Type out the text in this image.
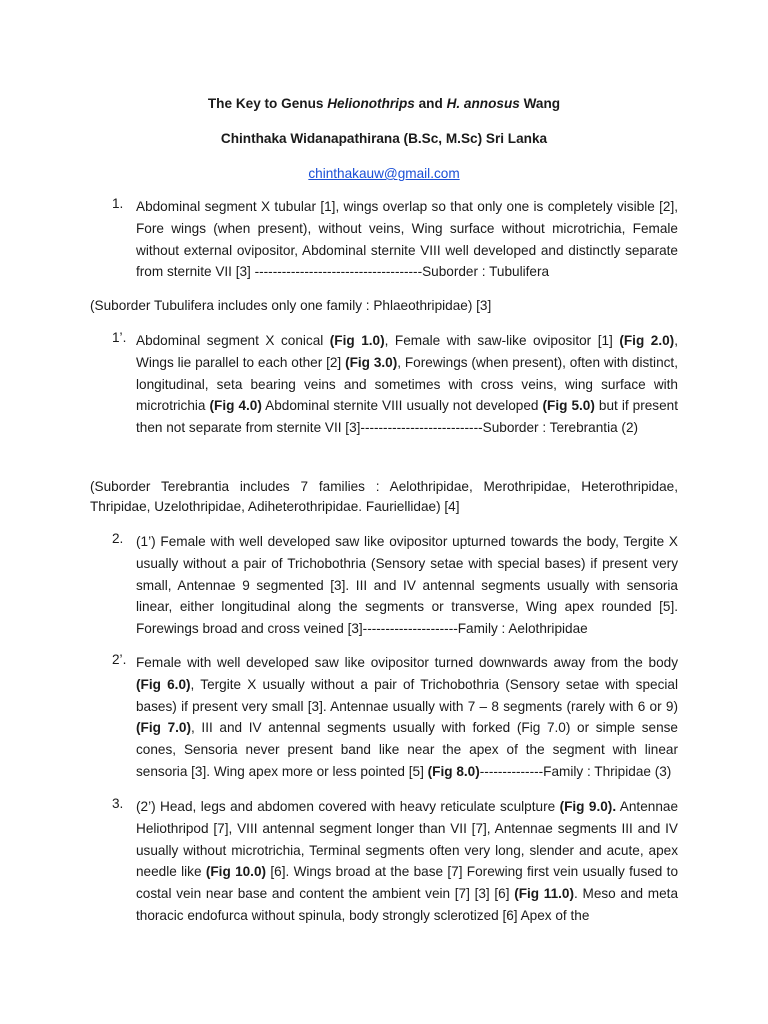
The Key to Genus Helionothrips and H. annosus Wang
Chinthaka Widanapathirana (B.Sc, M.Sc) Sri Lanka
chinthakauw@gmail.com
1. Abdominal segment X tubular [1], wings overlap so that only one is completely visible [2], Fore wings (when present), without veins, Wing surface without microtrichia, Female without external ovipositor, Abdominal sternite VIII well developed and distinctly separate from sternite VII [3] -------------------------------------Suborder : Tubulifera
(Suborder Tubulifera includes only one family : Phlaeothripidae) [3]
1’. Abdominal segment X conical (Fig 1.0), Female with saw-like ovipositor [1] (Fig 2.0), Wings lie parallel to each other [2] (Fig 3.0), Forewings (when present), often with distinct, longitudinal, seta bearing veins and sometimes with cross veins, wing surface with microtrichia (Fig 4.0) Abdominal sternite VIII usually not developed (Fig 5.0) but if present then not separate from sternite VII [3]---------------------------Suborder : Terebrantia (2)
(Suborder Terebrantia includes 7 families : Aelothripidae, Merothripidae, Heterothripidae, Thripidae, Uzelothripidae, Adiheterothripidae. Fauriellidae) [4]
2. (1’) Female with well developed saw like ovipositor upturned towards the body, Tergite X usually without a pair of Trichobothria (Sensory setae with special bases) if present very small, Antennae 9 segmented [3]. III and IV antennal segments usually with sensoria linear, either longitudinal along the segments or transverse, Wing apex rounded [5]. Forewings broad and cross veined [3]---------------------Family : Aelothripidae
2’. Female with well developed saw like ovipositor turned downwards away from the body (Fig 6.0), Tergite X usually without a pair of Trichobothria (Sensory setae with special bases) if present very small [3]. Antennae usually with 7 – 8 segments (rarely with 6 or 9) (Fig 7.0), III and IV antennal segments usually with forked (Fig 7.0) or simple sense cones, Sensoria never present band like near the apex of the segment with linear sensoria [3]. Wing apex more or less pointed [5] (Fig 8.0)--------------Family : Thripidae (3)
3. (2’) Head, legs and abdomen covered with heavy reticulate sculpture (Fig 9.0). Antennae Heliothripod [7], VIII antennal segment longer than VII [7], Antennae segments III and IV usually without microtrichia, Terminal segments often very long, slender and acute, apex needle like (Fig 10.0) [6]. Wings broad at the base [7] Forewing first vein usually fused to costal vein near base and content the ambient vein [7] [3] [6] (Fig 11.0). Meso and meta thoracic endofurca without spinula, body strongly sclerotized [6] Apex of the
